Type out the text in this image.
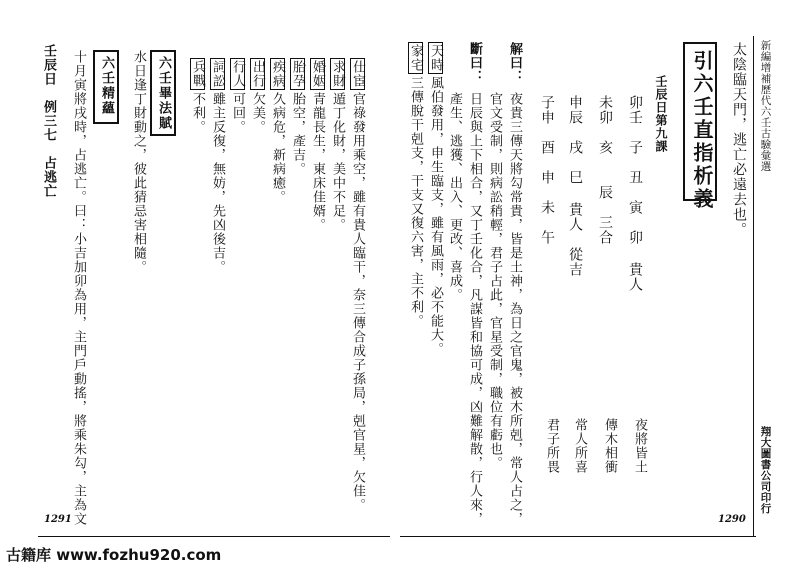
新編增補歷代六壬古驗彙選
太陰臨天門，逃亡必遠去也。
引六壬直指析義
壬辰日第九課
卯壬　子　丑　寅　卯 貴人
未卯　亥　　辰　三合
申辰　戌　巳 貴人　從吉
子申　酉　申　未　午
夜將皆土
傳木相衝
常人所喜
君子所畏
解曰：
夜貴三傳天將勾常貴，皆是土神，為日之官鬼，被木所剋，常人占之，
官文受制，則病訟稍輕，君子占此，官星受制，職位有虧也。
斷曰：
日辰與上下相合，又丁壬化合，凡謀皆和協可成，凶難解散，行人來，
產生、逃獲、出入、更改、喜成。
天時風伯發用，申生臨支，雖有風雨，必不能大。
家宅三傳脫干剋支，干支又復六害，主不利。
翔大圖書公司印行
1290
仕宦官祿發用乘空，雖有貴人臨干，奈三傳合成子孫局，剋官星，欠佳。
求財遁丁化財，美中不足。
婚姻青龍長生，東床佳婿。
胎孕胎空，產吉。
疾病久病危，新病癒。
出行欠美。
行人可回。
詞訟雖主反復，無妨，先凶後吉。
兵戰不利。
六壬畢法賦
水日逢丁財動之，彼此猜忌害相隨。
六壬精蘊
十月寅將戌時，占逃亡。曰：小吉加卯為用，主門戶動搖，將乘朱勾，主為文
壬辰日　例三七　占逃亡
1291
古籍库 www.fozhu920.com
